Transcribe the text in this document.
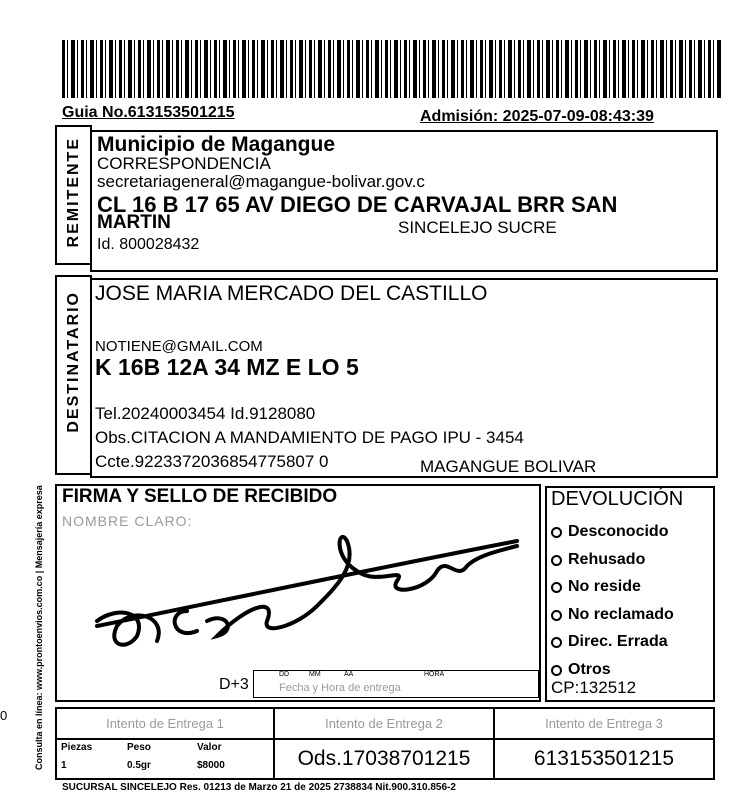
Guia No.613153501215	Admisión: 2025-07-09-08:43:39
Consulta en línea: www.prontoenvios.com.co | Mensajería expresa
0
REMITENTE Municipio de Magangue
CORRESPONDENCIA
secretariageneral@magangue-bolivar.gov.c
CL 16 B 17 65 AV DIEGO DE CARVAJAL BRR SAN
MARTIN	SINCELEJO SUCRE
Id. 800028432
DESTINATARIO JOSE MARIA MERCADO DEL CASTILLO
NOTIENE@GMAIL.COM
K 16B 12A 34 MZ E LO 5
Tel.20240003454 Id.9128080
Obs.CITACION A MANDAMIENTO DE PAGO IPU - 3454
Ccte.9223372036854775807 0	MAGANGUE BOLIVAR
FIRMA Y SELLO DE RECIBIDO
NOMBRE CLARO:
D+3
DD	MM	AA	HORA
Fecha y Hora de entrega
DEVOLUCIÓN
Desconocido
Rehusado
No reside
No reclamado
Direc. Errada
Otros
CP:132512
Intento de Entrega 1	Intento de Entrega 2	Intento de Entrega 3
Piezas	Peso	Valor
1	0.5gr	$8000	Ods.17038701215	613153501215
SUCURSAL SINCELEJO Res. 01213 de Marzo 21 de 2025 2738834 Nit.900.310.856-2
